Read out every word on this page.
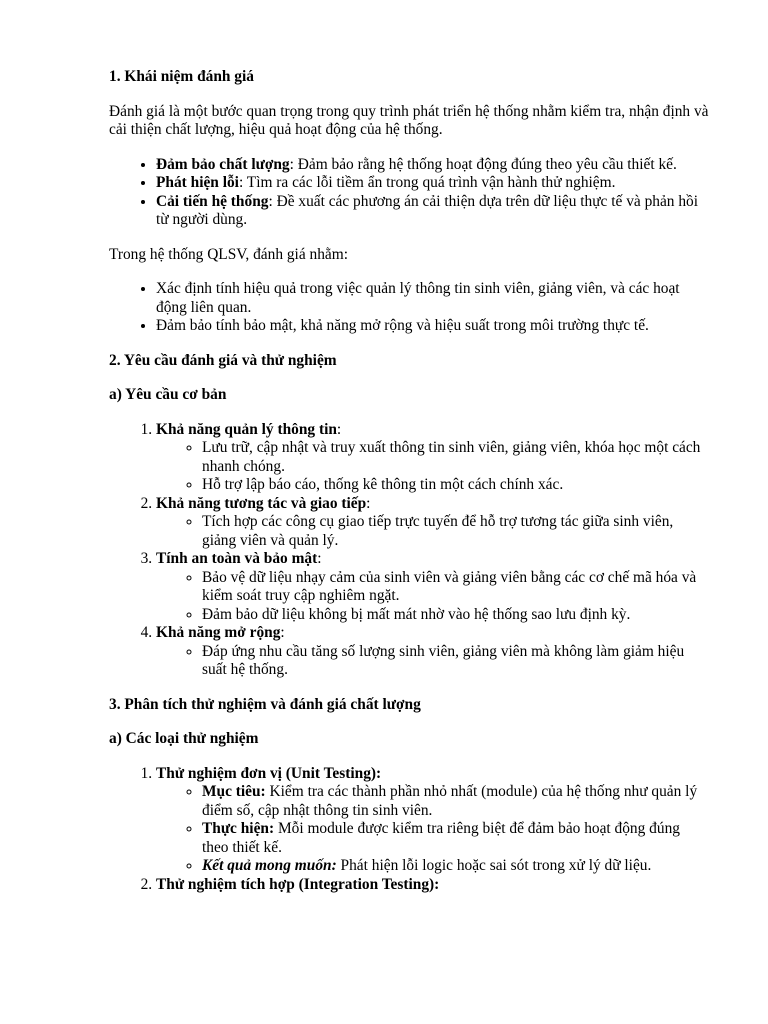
1. Khái niệm đánh giá

Đánh giá là một bước quan trọng trong quy trình phát triển hệ thống nhằm kiểm tra, nhận định và cải thiện chất lượng, hiệu quả hoạt động của hệ thống.

• Đảm bảo chất lượng: Đảm bảo rằng hệ thống hoạt động đúng theo yêu cầu thiết kế.
• Phát hiện lỗi: Tìm ra các lỗi tiềm ẩn trong quá trình vận hành thử nghiệm.
• Cải tiến hệ thống: Đề xuất các phương án cải thiện dựa trên dữ liệu thực tế và phản hồi từ người dùng.

Trong hệ thống QLSV, đánh giá nhằm:

• Xác định tính hiệu quả trong việc quản lý thông tin sinh viên, giảng viên, và các hoạt động liên quan.
• Đảm bảo tính bảo mật, khả năng mở rộng và hiệu suất trong môi trường thực tế.

2. Yêu cầu đánh giá và thử nghiệm

a) Yêu cầu cơ bản

1. Khả năng quản lý thông tin:
◦ Lưu trữ, cập nhật và truy xuất thông tin sinh viên, giảng viên, khóa học một cách nhanh chóng.
◦ Hỗ trợ lập báo cáo, thống kê thông tin một cách chính xác.
2. Khả năng tương tác và giao tiếp:
◦ Tích hợp các công cụ giao tiếp trực tuyến để hỗ trợ tương tác giữa sinh viên, giảng viên và quản lý.
3. Tính an toàn và bảo mật:
◦ Bảo vệ dữ liệu nhạy cảm của sinh viên và giảng viên bằng các cơ chế mã hóa và kiểm soát truy cập nghiêm ngặt.
◦ Đảm bảo dữ liệu không bị mất mát nhờ vào hệ thống sao lưu định kỳ.
4. Khả năng mở rộng:
◦ Đáp ứng nhu cầu tăng số lượng sinh viên, giảng viên mà không làm giảm hiệu suất hệ thống.

3. Phân tích thử nghiệm và đánh giá chất lượng

a) Các loại thử nghiệm

1. Thử nghiệm đơn vị (Unit Testing):
◦ Mục tiêu: Kiểm tra các thành phần nhỏ nhất (module) của hệ thống như quản lý điểm số, cập nhật thông tin sinh viên.
◦ Thực hiện: Mỗi module được kiểm tra riêng biệt để đảm bảo hoạt động đúng theo thiết kế.
◦ Kết quả mong muốn: Phát hiện lỗi logic hoặc sai sót trong xử lý dữ liệu.
2. Thử nghiệm tích hợp (Integration Testing):
